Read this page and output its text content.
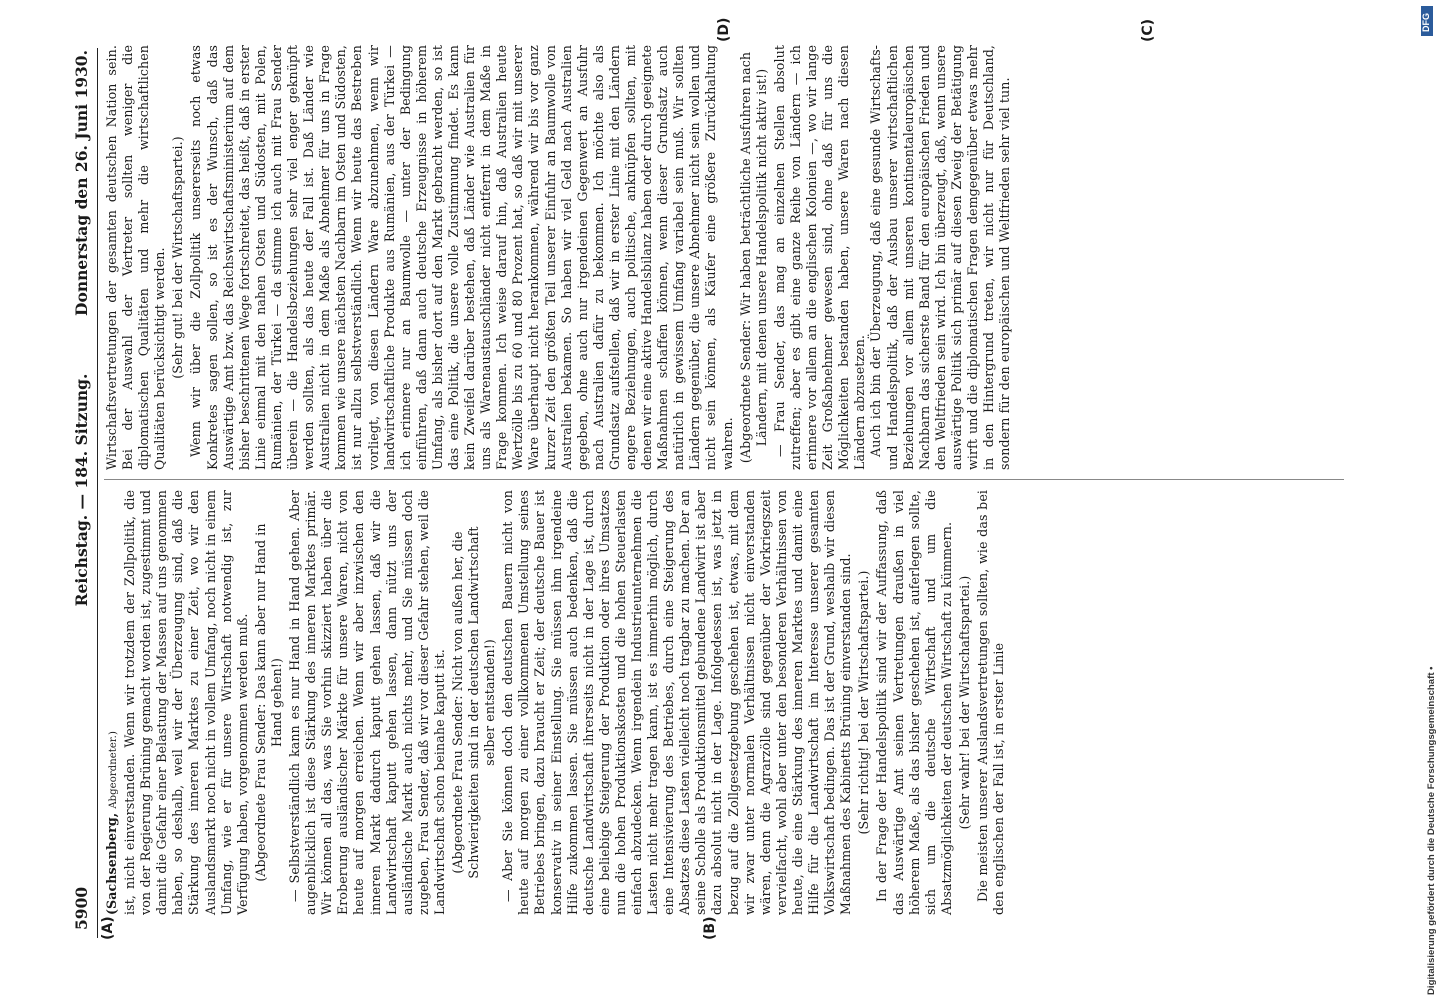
5900
Reichstag. — 184. Sitzung.
Donnerstag den 26. Juni 1930.
(A)	(B)
(C)
(D)

(Sachsenberg, Abgeordneter.) ist, nicht einverstanden. Wenn wir trotzdem der Zollpolitik, die von der Regierung Brüning gemacht worden ist, zugestimmt und damit die Gefahr einer Belastung der Massen auf uns genommen haben, so deshalb, weil wir der Überzeugung sind, daß die Stärkung des inneren Marktes zu einer Zeit, wo wir den Auslandsmarkt noch nicht in vollem Umfang, noch nicht in einem Umfang, wie er für unsere Wirtschaft notwendig ist, zur Verfügung haben, vorgenommen werden muß. (Abgeordnete Frau Sender: Das kann aber nur Hand in Hand gehen!) — Selbstverständlich kann es nur Hand in Hand gehen. Aber augenblicklich ist diese Stärkung des inneren Marktes primär. Wir können all das, was Sie vorhin skizziert haben über die Eroberung ausländischer Märkte für unsere Waren, nicht von heute auf morgen erreichen. Wenn wir aber inzwischen den inneren Markt dadurch kaputt gehen lassen, daß wir die Landwirtschaft kaputt gehen lassen, dann nützt uns der ausländische Markt auch nichts mehr, und Sie müssen doch zugeben, Frau Sender, daß wir vor dieser Gefahr stehen, weil die Landwirtschaft schon beinahe kaputt ist. (Abgeordnete Frau Sender: Nicht von außen her, die Schwierigkeiten sind in der deutschen Landwirtschaft selber entstanden!) — Aber Sie können doch den deutschen Bauern nicht von heute auf morgen zu einer vollkommenen Umstellung seines Betriebes bringen, dazu braucht er Zeit; der deutsche Bauer ist konservativ in seiner Einstellung. Sie müssen ihm irgendeine Hilfe zukommen lassen. Sie müssen auch bedenken, daß die deutsche Landwirtschaft ihrerseits nicht in der Lage ist, durch eine beliebige Steigerung der Produktion oder ihres Umsatzes nun die hohen Produktionskosten und die hohen Steuerlasten einfach abzudecken. Wenn irgendein Industrieunternehmen die Lasten nicht mehr tragen kann, ist es immerhin möglich, durch eine Intensivierung des Betriebes, durch eine Steigerung des Absatzes diese Lasten vielleicht noch tragbar zu machen. Der an seine Scholle als Produktionsmittel gebundene Landwirt ist aber dazu absolut nicht in der Lage. Infolgedessen ist, was jetzt in bezug auf die Zollgesetzgebung geschehen ist, etwas, mit dem wir zwar unter normalen Verhältnissen nicht einverstanden wären, denn die Agrarzölle sind gegenüber der Vorkriegszeit vervielfacht, wohl aber unter den besonderen Verhältnissen von heute, die eine Stärkung des inneren Marktes und damit eine Hilfe für die Landwirtschaft im Interesse unserer gesamten Volkswirtschaft bedingen. Das ist der Grund, weshalb wir diesen Maßnahmen des Kabinetts Brüning einverstanden sind. (Sehr richtig! bei der Wirtschaftspartei.) In der Frage der Handelspolitik sind wir der Auffassung, daß das Auswärtige Amt seinen Vertretungen draußen in viel höherem Maße, als das bisher geschehen ist, auferlegen sollte, sich um die deutsche Wirtschaft und um die Absatzmöglichkeiten der deutschen Wirtschaft zu kümmern. (Sehr wahr! bei der Wirtschaftspartei.) Die meisten unserer Auslandsvertretungen sollten, wie das bei den englischen der Fall ist, in erster Linie

Wirtschaftsvertretungen der gesamten deutschen Nation sein. Bei der Auswahl der Vertreter sollten weniger die diplomatischen Qualitäten und mehr die wirtschaftlichen Qualitäten berücksichtigt werden. (Sehr gut! bei der Wirtschaftspartei.) Wenn wir über die Zollpolitik unsererseits noch etwas Konkretes sagen sollen, so ist es der Wunsch, daß das Auswärtige Amt bzw. das Reichswirtschaftsministerium auf dem bisher beschrittenen Wege fortschreitet, das heißt, daß in erster Linie einmal mit den nahen Osten und Südosten, mit Polen, Rumänien, der Türkei — da stimme ich auch mit Frau Sender überein — die Handelsbeziehungen sehr viel enger geknüpft werden sollten, als das heute der Fall ist. Daß Länder wie Australien nicht in dem Maße als Abnehmer für uns in Frage kommen wie unsere nächsten Nachbarn im Osten und Südosten, ist nur allzu selbstverständlich. Wenn wir heute das Bestreben vorliegt, von diesen Ländern Ware abzunehmen, wenn wir landwirtschaftliche Produkte aus Rumänien, aus der Türkei — ich erinnere nur an Baumwolle — unter der Bedingung einführen, daß dann auch deutsche Erzeugnisse in höherem Umfang, als bisher dort auf den Markt gebracht werden, so ist das eine Politik, die unsere volle Zustimmung findet. Es kann kein Zweifel darüber bestehen, daß Länder wie Australien für uns als Warenaustauschländer nicht entfernt in dem Maße in Frage kommen. Ich weise darauf hin, daß Australien heute Wertzölle bis zu 60 und 80 Prozent hat, so daß wir mit unserer Ware überhaupt nicht herankommen, während wir bis vor ganz kurzer Zeit den größten Teil unserer Einfuhr an Baumwolle von Australien bekamen. So haben wir viel Geld nach Australien gegeben, ohne auch nur irgendeinen Gegenwert an Ausfuhr nach Australien dafür zu bekommen. Ich möchte also als Grundsatz aufstellen, daß wir in erster Linie mit den Ländern engere Beziehungen, auch politische, anknüpfen sollten, mit denen wir eine aktive Handelsbilanz haben oder durch geeignete Maßnahmen schaffen können, wenn dieser Grundsatz auch natürlich in gewissem Umfang variabel sein muß. Wir sollten Ländern gegenüber, die unsere Abnehmer nicht sein wollen und nicht sein können, als Käufer eine größere Zurückhaltung wahren. (Abgeordnete Sender: Wir haben beträchtliche Ausfuhren nach Ländern, mit denen unsere Handelspolitik nicht aktiv ist!) — Frau Sender, das mag an einzelnen Stellen absolut zutreffen; aber es gibt eine ganze Reihe von Ländern — ich erinnere vor allem an die englischen Kolonien —, wo wir lange Zeit Großabnehmer gewesen sind, ohne daß für uns die Möglichkeiten bestanden haben, unsere Waren nach diesen Ländern abzusetzen. Auch ich bin der Überzeugung, daß eine gesunde Wirtschafts- und Handelspolitik, daß der Ausbau unserer wirtschaftlichen Beziehungen vor allem mit unseren kontinentaleuropäischen Nachbarn das sicherste Band für den europäischen Frieden und den Weltfrieden sein wird. Ich bin überzeugt, daß, wenn unsere auswärtige Politik sich primär auf diesen Zweig der Betätigung wirft und die diplomatischen Fragen demgegenüber etwas mehr in den Hintergrund treten, wir nicht nur für Deutschland, sondern für den europäischen und Weltfrieden sehr viel tun.

Digitalisierung gefördert durch die Deutsche Forschungsgemeinschaft •
DFG
